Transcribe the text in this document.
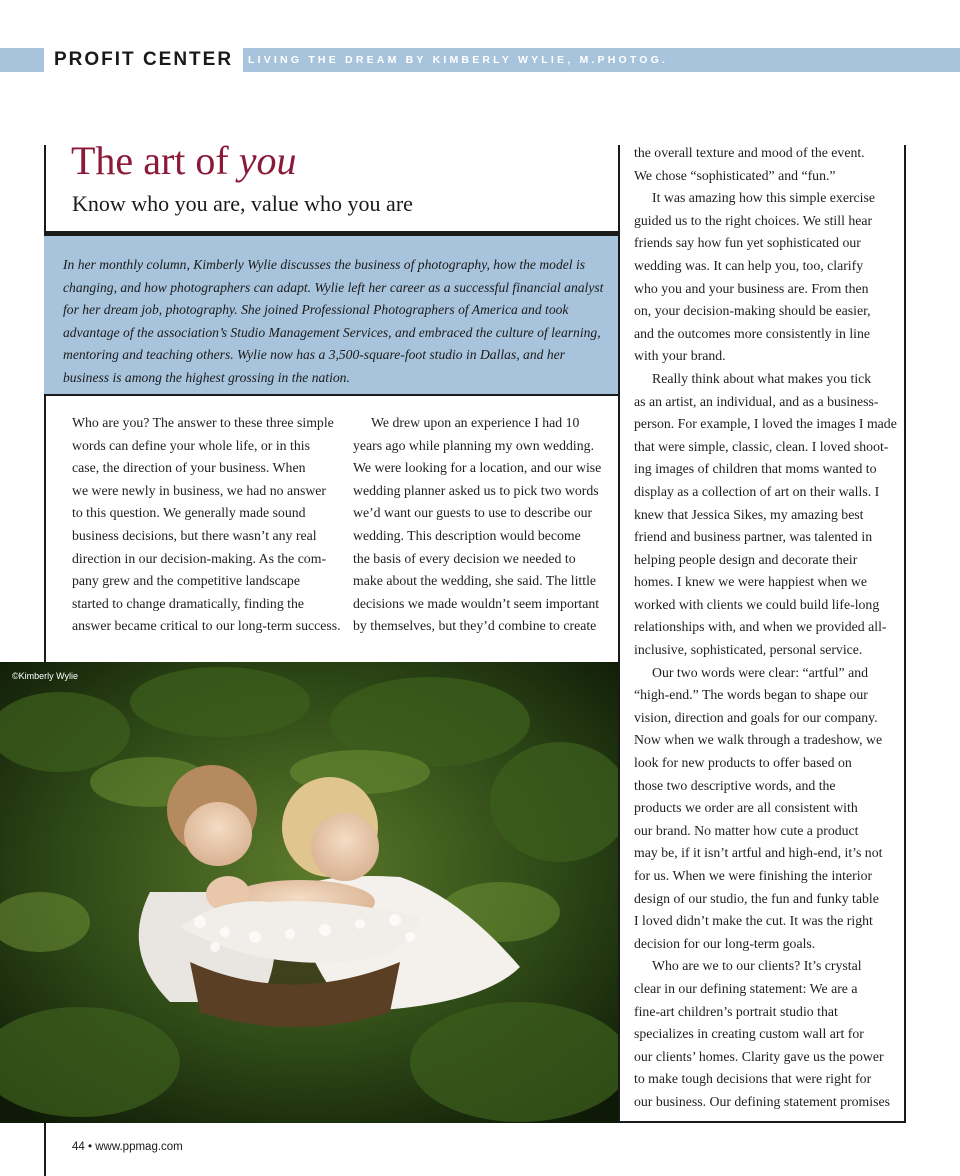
PROFIT CENTER	LIVING THE DREAM BY KIMBERLY WYLIE, M.PHOTOG.
The art of you
Know who you are, value who you are

In her monthly column, Kimberly Wylie discusses the business of photography, how the model is changing, and how photographers can adapt. Wylie left her career as a successful financial analyst for her dream job, photography. She joined Professional Photographers of America and took advantage of the association’s Studio Management Services, and embraced the culture of learning, mentoring and teaching others. Wylie now has a 3,500-square-foot studio in Dallas, and her business is among the highest grossing in the nation.

Who are you? The answer to these three simple
words can define your whole life, or in this
case, the direction of your business. When
we were newly in business, we had no answer
to this question. We generally made sound
business decisions, but there wasn’t any real
direction in our decision-making. As the com-
pany grew and the competitive landscape
started to change dramatically, finding the
answer became critical to our long-term success.
We drew upon an experience I had 10
years ago while planning my own wedding.
We were looking for a location, and our wise
wedding planner asked us to pick two words
we’d want our guests to use to describe our
wedding. This description would become
the basis of every decision we needed to
make about the wedding, she said. The little
decisions we made wouldn’t seem important
by themselves, but they’d combine to create
the overall texture and mood of the event.
We chose “sophisticated” and “fun.”
It was amazing how this simple exercise
guided us to the right choices. We still hear
friends say how fun yet sophisticated our
wedding was. It can help you, too, clarify
who you and your business are. From then
on, your decision-making should be easier,
and the outcomes more consistently in line
with your brand.
Really think about what makes you tick
as an artist, an individual, and as a business-
person. For example, I loved the images I made
that were simple, classic, clean. I loved shoot-
ing images of children that moms wanted to
display as a collection of art on their walls. I
knew that Jessica Sikes, my amazing best
friend and business partner, was talented in
helping people design and decorate their
homes. I knew we were happiest when we
worked with clients we could build life-long
relationships with, and when we provided all-
inclusive, sophisticated, personal service.
Our two words were clear: “artful” and
“high-end.” The words began to shape our
vision, direction and goals for our company.
Now when we walk through a tradeshow, we
look for new products to offer based on
those two descriptive words, and the
products we order are all consistent with
our brand. No matter how cute a product
may be, if it isn’t artful and high-end, it’s not
for us. When we were finishing the interior
design of our studio, the fun and funky table
I loved didn’t make the cut. It was the right
decision for our long-term goals.
Who are we to our clients? It’s crystal
clear in our defining statement: We are a
fine-art children’s portrait studio that
specializes in creating custom wall art for
our clients’ homes. Clarity gave us the power
to make tough decisions that were right for
our business. Our defining statement promises
©Kimberly Wylie
44 • www.ppmag.com
